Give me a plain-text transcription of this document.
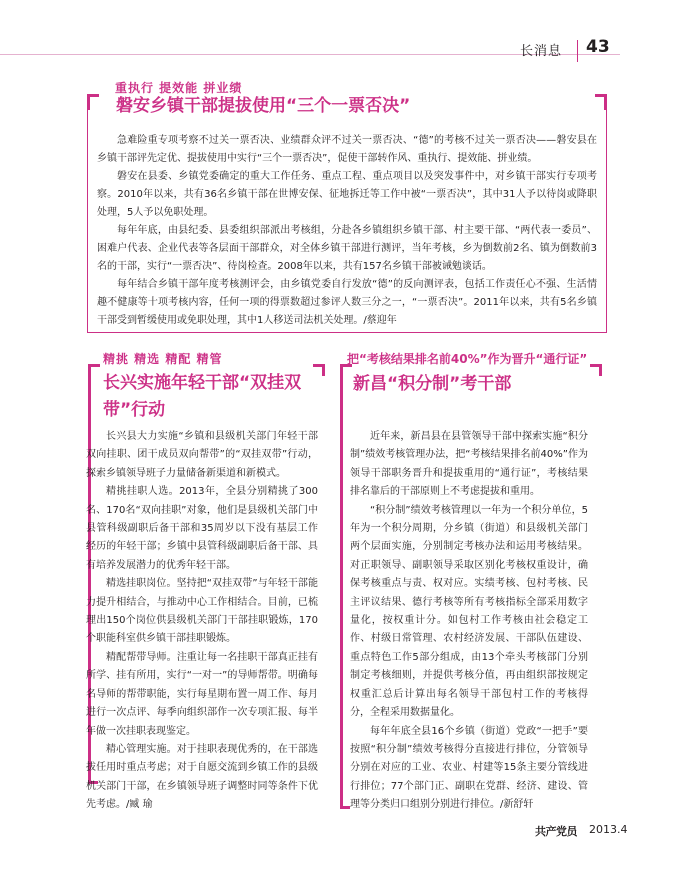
长消息 43
重执行 提效能 拼业绩
磐安乡镇干部提拔使用“三个一票否决”

急难险重专项考察不过关一票否决、业绩群众评不过关一票否决、“德”的考核不过关一票否决——磐安县在乡镇干部评先定优、提拔使用中实行“三个一票否决”，促使干部转作风、重执行、提效能、拼业绩。

磐安在县委、乡镇党委确定的重大工作任务、重点工程、重点项目以及突发事件中，对乡镇干部实行专项考察。2010年以来，共有36名乡镇干部在世博安保、征地拆迁等工作中被“一票否决”，其中31人予以待岗或降职处理，5人予以免职处理。

每年年底，由县纪委、县委组织部派出考核组，分赴各乡镇组织乡镇干部、村主要干部、“两代表一委员”、困难户代表、企业代表等各层面干部群众，对全体乡镇干部进行测评，当年考核，乡为倒数前2名、镇为倒数前3名的干部，实行“一票否决”、待岗检查。2008年以来，共有157名乡镇干部被诫勉谈话。

每年结合乡镇干部年度考核测评会，由乡镇党委自行发放“德”的反向测评表，包括工作责任心不强、生活情趣不健康等十项考核内容，任何一项的得票数超过参评人数三分之一，“一票否决”。2011年以来，共有5名乡镇干部受到暂缓使用或免职处理，其中1人移送司法机关处理。/蔡迎年

精挑 精选 精配 精管
长兴实施年轻干部“双挂双
带”行动

长兴县大力实施“乡镇和县级机关部门年轻干部双向挂职、团干成员双向帮带”的“双挂双带”行动，探索乡镇领导班子力量储备新渠道和新模式。

精挑挂职人选。2013年，全县分别精挑了300名、170名“双向挂职”对象，他们是县级机关部门中县管科级副职后备干部和35周岁以下没有基层工作经历的年轻干部；乡镇中县管科级副职后备干部、具有培养发展潜力的优秀年轻干部。

精选挂职岗位。坚持把“双挂双带”与年轻干部能力提升相结合，与推动中心工作相结合。目前，已梳理出150个岗位供县级机关部门干部挂职锻炼，170个职能科室供乡镇干部挂职锻炼。

精配帮带导师。注重让每一名挂职干部真正挂有所学、挂有所用，实行“一对一”的导师帮带。明确每名导师的帮带职能，实行每星期布置一周工作、每月进行一次点评、每季向组织部作一次专项汇报、每半年做一次挂职表现鉴定。

精心管理实施。对于挂职表现优秀的，在干部选拔任用时重点考虑；对于自愿交流到乡镇工作的县级机关部门干部，在乡镇领导班子调整时同等条件下优先考虑。/臧 瑜

把“考核结果排名前40%”作为晋升“通行证”
新昌“积分制”考干部

近年来，新昌县在县管领导干部中探索实施“积分制”绩效考核管理办法，把“考核结果排名前40%”作为领导干部职务晋升和提拔重用的“通行证”，考核结果排名靠后的干部原则上不考虑提拔和重用。

“积分制”绩效考核管理以一年为一个积分单位，5年为一个积分周期，分乡镇（街道）和县级机关部门两个层面实施，分别制定考核办法和运用考核结果。对正职领导、副职领导采取区别化考核权重设计，确保考核重点与责、权对应。实绩考核、包村考核、民主评议结果、德行考核等所有考核指标全部采用数字量化，按权重计分。如包村工作考核由社会稳定工作、村级日常管理、农村经济发展、干部队伍建设、重点特色工作5部分组成，由13个牵头考核部门分别制定考核细则，并提供考核分值，再由组织部按规定权重汇总后计算出每名领导干部包村工作的考核得分，全程采用数据量化。

每年年底全县16个乡镇（街道）党政“一把手”要按照“积分制”绩效考核得分直接进行排位，分管领导分别在对应的工业、农业、村建等15条主要分管线进行排位；77个部门正、副职在党群、经济、建设、管理等分类归口组别分别进行排位。/新舒轩

共产党员 2013.4
